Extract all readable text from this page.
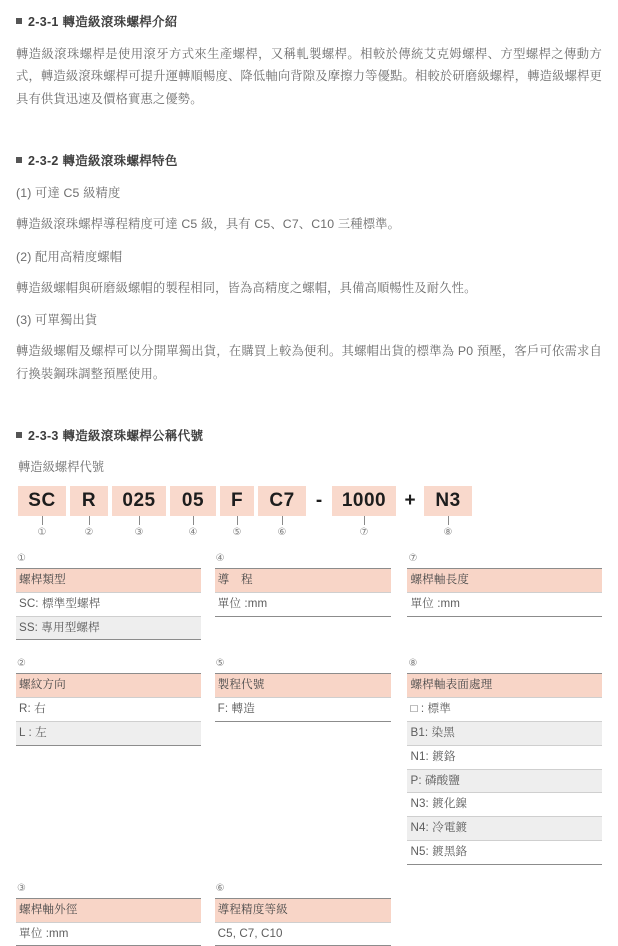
2-3-1 轉造級滾珠螺桿介紹

轉造級滾珠螺桿是使用滾牙方式來生產螺桿，又稱軋製螺桿。相較於傳統艾克姆螺桿、方型螺桿之傳動方式，轉造級滾珠螺桿可提升運轉順暢度、降低軸向背隙及摩擦力等優點。相較於研磨級螺桿，轉造級螺桿更具有供貨迅速及價格實惠之優勢。

2-3-2 轉造級滾珠螺桿特色

(1) 可達 C5 級精度

轉造級滾珠螺桿導程精度可達 C5 級，具有 C5、C7、C10 三種標準。

(2) 配用高精度螺帽

轉造級螺帽與研磨級螺帽的製程相同，皆為高精度之螺帽，具備高順暢性及耐久性。

(3) 可單獨出貨

轉造級螺帽及螺桿可以分開單獨出貨，在購買上較為便利。其螺帽出貨的標準為 P0 預壓，客戶可依需求自行換裝鋼珠調整預壓使用。

2-3-3 轉造級滾珠螺桿公稱代號
轉造級螺桿代號
SC	R	025	05	F	C7	-	1000 +	N3
①	②	③	④	⑤	⑥	⑦	⑧
①
螺桿類型
SC: 標準型螺桿
SS: 專用型螺桿
④
導　程
單位 :mm
⑦
螺桿軸長度
單位 :mm
②
螺紋方向
R: 右
L : 左
⑤
製程代號
F: 轉造
⑧
螺桿軸表面處理
□ : 標準
B1: 染黑
N1: 鍍鉻
P: 磷酸鹽
N3: 鍍化鎳
N4: 冷電鍍
N5: 鍍黑鉻
③
螺桿軸外徑
單位 :mm
⑥
導程精度等級
C5, C7, C10
